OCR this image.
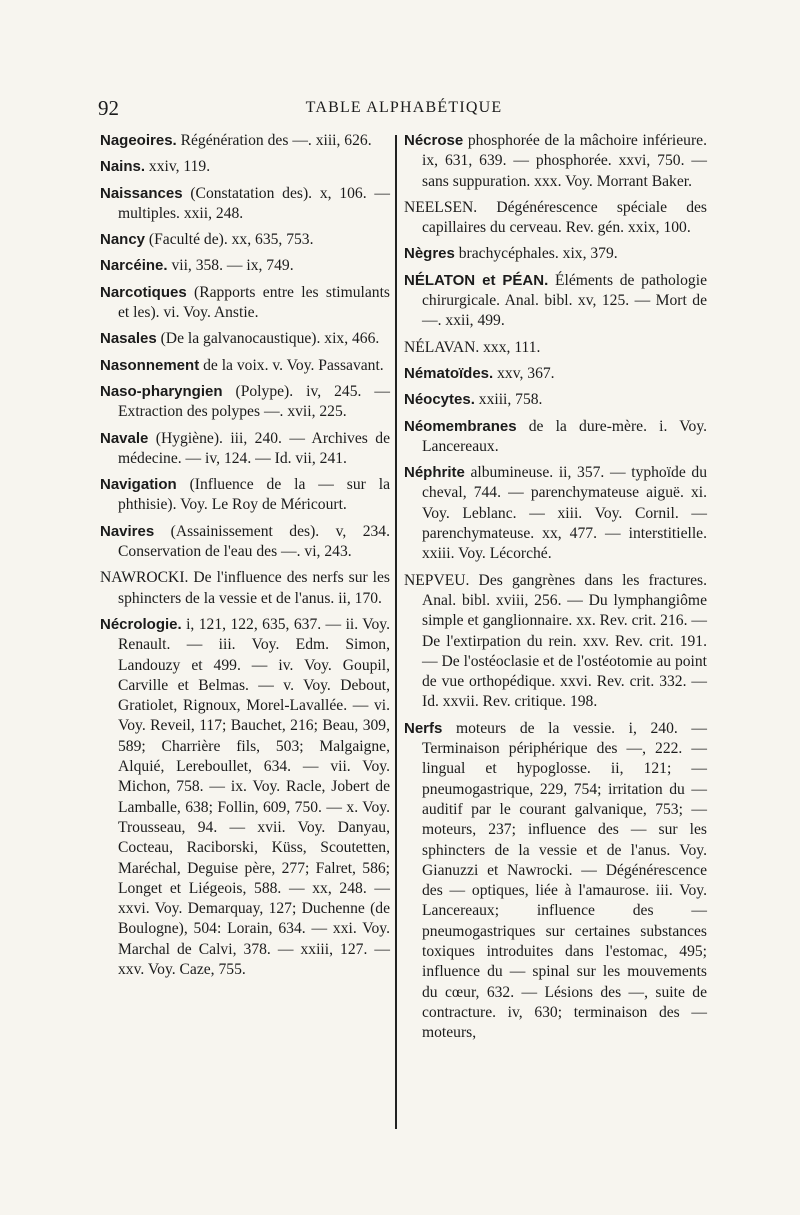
92	TABLE ALPHABÉTIQUE

Nageoires. Régénération des —. xiii, 626.

Nains. xxiv, 119.

Naissances (Constatation des). x, 106. — multiples. xxii, 248.

Nancy (Faculté de). xx, 635, 753.

Narcéine. vii, 358. — ix, 749.

Narcotiques (Rapports entre les stimulants et les). vi. Voy. Anstie.

Nasales (De la galvanocaustique). xix, 466.

Nasonnement de la voix. v. Voy. Passavant.

Naso-pharyngien (Polype). iv, 245. — Extraction des polypes —. xvii, 225.

Navale (Hygiène). iii, 240. — Archives de médecine. — iv, 124. — Id. vii, 241.

Navigation (Influence de la — sur la phthisie). Voy. Le Roy de Méricourt.

Navires (Assainissement des). v, 234. Conservation de l'eau des —. vi, 243.

NAWROCKI. De l'influence des nerfs sur les sphincters de la vessie et de l'anus. ii, 170.

Nécrologie. i, 121, 122, 635, 637. — ii. Voy. Renault. — iii. Voy. Edm. Simon, Landouzy et 499. — iv. Voy. Goupil, Carville et Belmas. — v. Voy. Debout, Gratiolet, Rignoux, Morel-Lavallée. — vi. Voy. Reveil, 117; Bauchet, 216; Beau, 309, 589; Charrière fils, 503; Malgaigne, Alquié, Lereboullet, 634. — vii. Voy. Michon, 758. — ix. Voy. Racle, Jobert de Lamballe, 638; Follin, 609, 750. — x. Voy. Trousseau, 94. — xvii. Voy. Danyau, Cocteau, Raciborski, Küss, Scoutetten, Maréchal, Deguise père, 277; Falret, 586; Longet et Liégeois, 588. — xx, 248. — xxvi. Voy. Demarquay, 127; Duchenne (de Boulogne), 504: Lorain, 634. — xxi. Voy. Marchal de Calvi, 378. — xxiii, 127. — xxv. Voy. Caze, 755.

Nécrose phosphorée de la mâchoire inférieure. ix, 631, 639. — phosphorée. xxvi, 750. — sans suppuration. xxx. Voy. Morrant Baker.

NEELSEN. Dégénérescence spéciale des capillaires du cerveau. Rev. gén. xxix, 100.

Nègres brachycéphales. xix, 379.

NÉLATON et PÉAN. Éléments de pathologie chirurgicale. Anal. bibl. xv, 125. — Mort de —. xxii, 499.

NÉLAVAN. xxx, 111.

Nématoïdes. xxv, 367.

Néocytes. xxiii, 758.

Néomembranes de la dure-mère. i. Voy. Lancereaux.

Néphrite albumineuse. ii, 357. — typhoïde du cheval, 744. — parenchymateuse aiguë. xi. Voy. Leblanc. — xiii. Voy. Cornil. — parenchymateuse. xx, 477. — interstitielle. xxiii. Voy. Lécorché.

NEPVEU. Des gangrènes dans les fractures. Anal. bibl. xviii, 256. — Du lymphangiôme simple et ganglionnaire. xx. Rev. crit. 216. — De l'extirpation du rein. xxv. Rev. crit. 191. — De l'ostéoclasie et de l'ostéotomie au point de vue orthopédique. xxvi. Rev. crit. 332. — Id. xxvii. Rev. critique. 198.

Nerfs moteurs de la vessie. i, 240. — Terminaison périphérique des —, 222. — lingual et hypoglosse. ii, 121; — pneumogastrique, 229, 754; irritation du — auditif par le courant galvanique, 753; — moteurs, 237; influence des — sur les sphincters de la vessie et de l'anus. Voy. Gianuzzi et Nawrocki. — Dégénérescence des — optiques, liée à l'amaurose. iii. Voy. Lancereaux; influence des — pneumogastriques sur certaines substances toxiques introduites dans l'estomac, 495; influence du — spinal sur les mouvements du cœur, 632. — Lésions des —, suite de contracture. iv, 630; terminaison des — moteurs,
